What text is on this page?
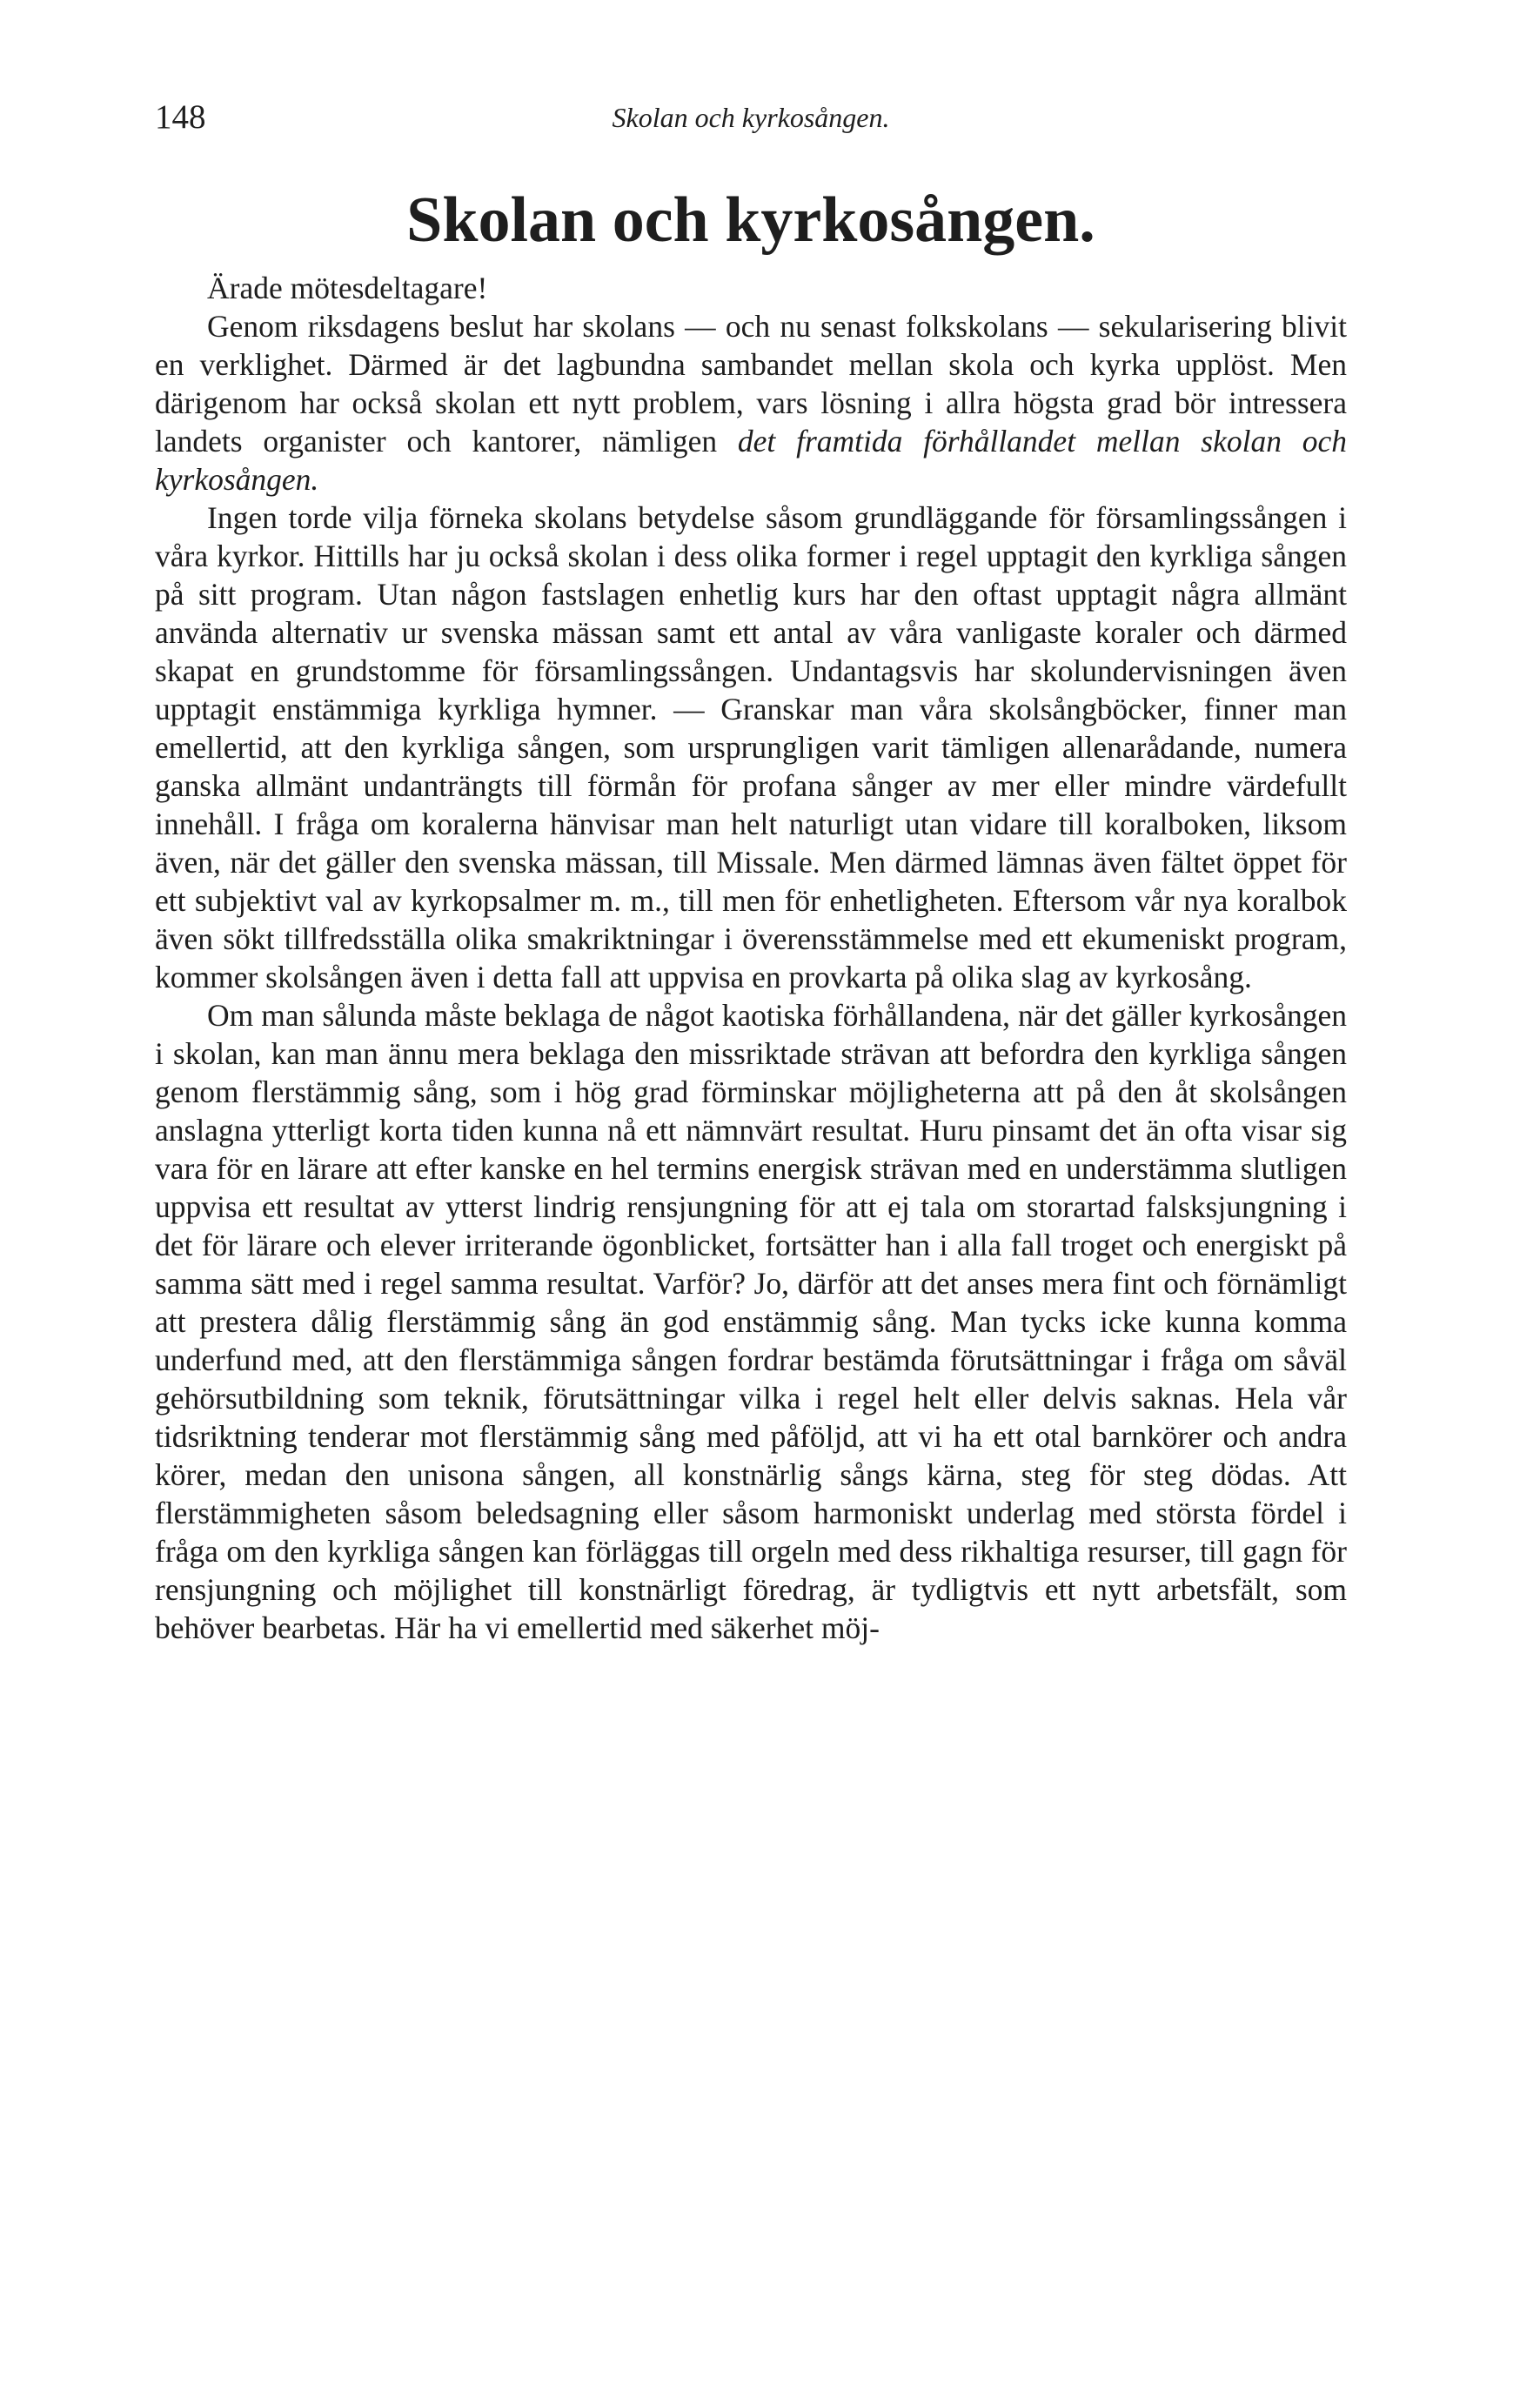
148	Skolan och kyrkosången.
Skolan och kyrkosången.

Ärade mötesdeltagare!

Genom riksdagens beslut har skolans — och nu senast folkskolans — sekularisering blivit en verklighet. Därmed är det lagbundna sambandet mellan skola och kyrka upplöst. Men därigenom har också skolan ett nytt problem, vars lösning i allra högsta grad bör intressera landets organister och kantorer, nämligen det framtida förhållandet mellan skolan och kyrkosången.

Ingen torde vilja förneka skolans betydelse såsom grundläggande för församlingssången i våra kyrkor. Hittills har ju också skolan i dess olika former i regel upptagit den kyrkliga sången på sitt program. Utan någon fastslagen enhetlig kurs har den oftast upptagit några allmänt använda alternativ ur svenska mässan samt ett antal av våra vanligaste koraler och därmed skapat en grundstomme för församlingssången. Undantagsvis har skolundervisningen även upptagit enstämmiga kyrkliga hymner. — Granskar man våra skolsångböcker, finner man emellertid, att den kyrkliga sången, som ursprungligen varit tämligen allenarådande, numera ganska allmänt undanträngts till förmån för profana sånger av mer eller mindre värdefullt innehåll. I fråga om koralerna hänvisar man helt naturligt utan vidare till koralboken, liksom även, när det gäller den svenska mässan, till Missale. Men därmed lämnas även fältet öppet för ett subjektivt val av kyrkopsalmer m. m., till men för enhetligheten. Eftersom vår nya koralbok även sökt tillfredsställa olika smakriktningar i överensstämmelse med ett ekumeniskt program, kommer skolsången även i detta fall att uppvisa en provkarta på olika slag av kyrkosång.

Om man sålunda måste beklaga de något kaotiska förhållandena, när det gäller kyrkosången i skolan, kan man ännu mera beklaga den missriktade strävan att befordra den kyrkliga sången genom flerstämmig sång, som i hög grad förminskar möjligheterna att på den åt skolsången anslagna ytterligt korta tiden kunna nå ett nämnvärt resultat. Huru pinsamt det än ofta visar sig vara för en lärare att efter kanske en hel termins energisk strävan med en understämma slutligen uppvisa ett resultat av ytterst lindrig rensjungning för att ej tala om storartad falsksjungning i det för lärare och elever irriterande ögonblicket, fortsätter han i alla fall troget och energiskt på samma sätt med i regel samma resultat. Varför? Jo, därför att det anses mera fint och förnämligt att prestera dålig flerstämmig sång än god enstämmig sång. Man tycks icke kunna komma underfund med, att den flerstämmiga sången fordrar bestämda förutsättningar i fråga om såväl gehörsutbildning som teknik, förutsättningar vilka i regel helt eller delvis saknas. Hela vår tidsriktning tenderar mot flerstämmig sång med påföljd, att vi ha ett otal barnkörer och andra körer, medan den unisona sången, all konstnärlig sångs kärna, steg för steg dödas. Att flerstämmigheten såsom beledsagning eller såsom harmoniskt underlag med största fördel i fråga om den kyrkliga sången kan förläggas till orgeln med dess rikhaltiga resurser, till gagn för rensjungning och möjlighet till konstnärligt föredrag, är tydligtvis ett nytt arbetsfält, som behöver bearbetas. Här ha vi emellertid med säkerhet möj-
